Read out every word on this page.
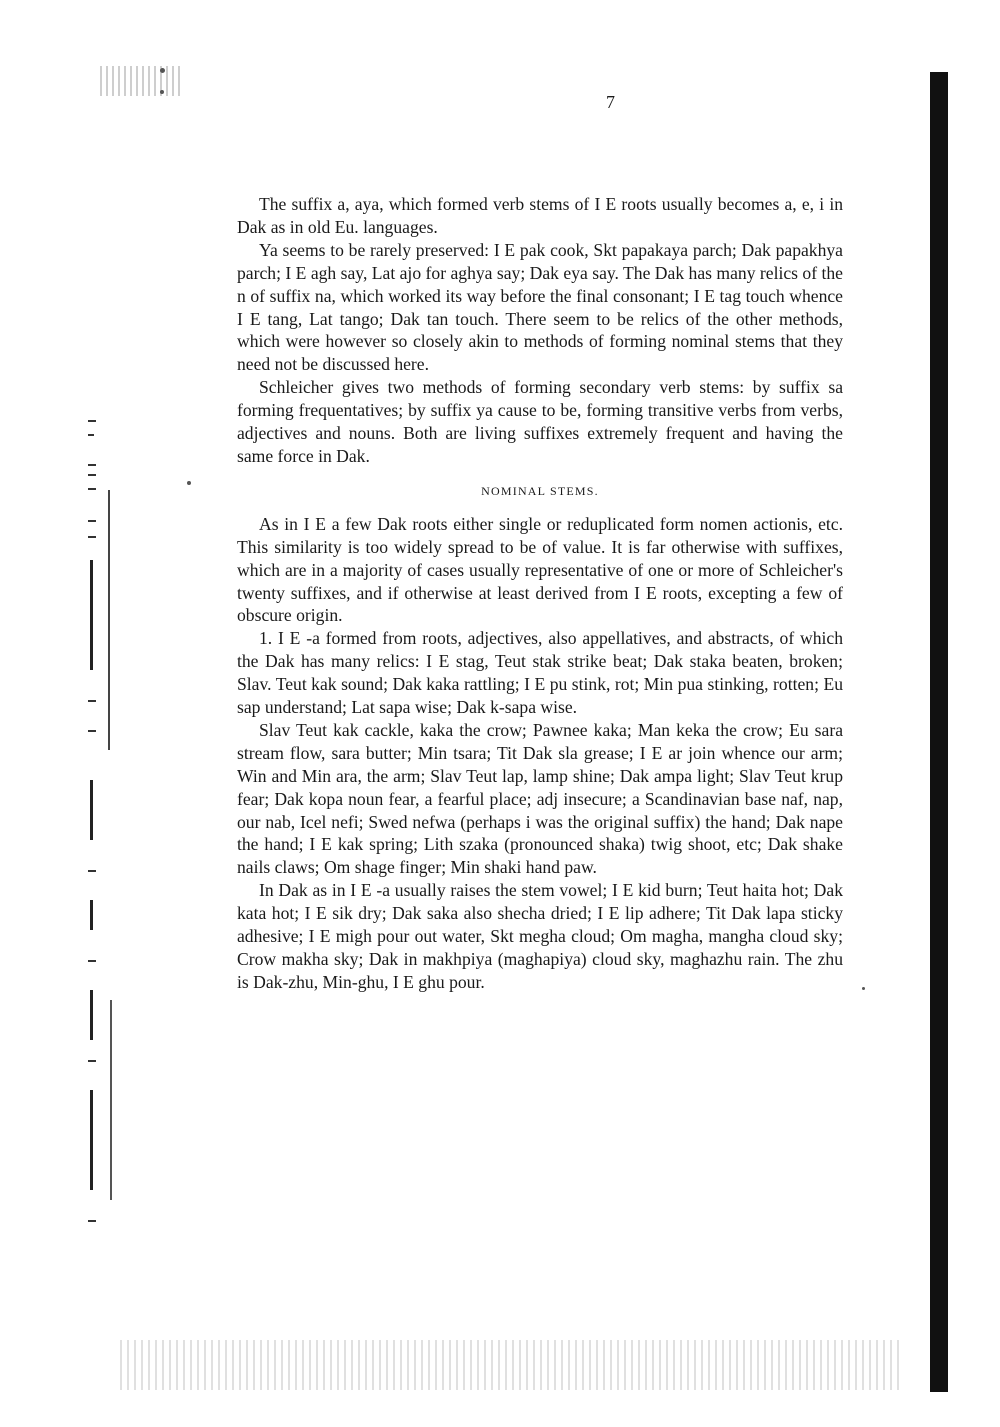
7

The suffix a, aya, which formed verb stems of I E roots usually becomes a, e, i in Dak as in old Eu. languages.

Ya seems to be rarely preserved: I E pak cook, Skt papakaya parch; Dak papakhya parch; I E agh say, Lat ajo for aghya say; Dak eya say. The Dak has many relics of the n of suffix na, which worked its way before the final consonant; I E tag touch whence I E tang, Lat tango; Dak tan touch. There seem to be relics of the other methods, which were however so closely akin to methods of forming nominal stems that they need not be discussed here.

Schleicher gives two methods of forming secondary verb stems: by suffix sa forming frequentatives; by suffix ya cause to be, forming transitive verbs from verbs, adjectives and nouns. Both are living suffixes extremely frequent and having the same force in Dak.

NOMINAL STEMS.

As in I E a few Dak roots either single or reduplicated form nomen actionis, etc. This similarity is too widely spread to be of value. It is far otherwise with suffixes, which are in a majority of cases usually representative of one or more of Schleicher's twenty suffixes, and if otherwise at least derived from I E roots, excepting a few of obscure origin.

1. I E -a formed from roots, adjectives, also appellatives, and abstracts, of which the Dak has many relics: I E stag, Teut stak strike beat; Dak staka beaten, broken; Slav. Teut kak sound; Dak kaka rattling; I E pu stink, rot; Min pua stinking, rotten; Eu sap understand; Lat sapa wise; Dak k-sapa wise.

Slav Teut kak cackle, kaka the crow; Pawnee kaka; Man keka the crow; Eu sara stream flow, sara butter; Min tsara; Tit Dak sla grease; I E ar join whence our arm; Win and Min ara, the arm; Slav Teut lap, lamp shine; Dak ampa light; Slav Teut krup fear; Dak kopa noun fear, a fearful place; adj insecure; a Scandinavian base naf, nap, our nab, Icel nefi; Swed nefwa (perhaps i was the original suffix) the hand; Dak nape the hand; I E kak spring; Lith szaka (pronounced shaka) twig shoot, etc; Dak shake nails claws; Om shage finger; Min shaki hand paw.

In Dak as in I E -a usually raises the stem vowel; I E kid burn; Teut haita hot; Dak kata hot; I E sik dry; Dak saka also shecha dried; I E lip adhere; Tit Dak lapa sticky adhesive; I E migh pour out water, Skt megha cloud; Om magha, mangha cloud sky; Crow makha sky; Dak in makhpiya (maghapiya) cloud sky, maghazhu rain. The zhu is Dak-zhu, Min-ghu, I E ghu pour.
